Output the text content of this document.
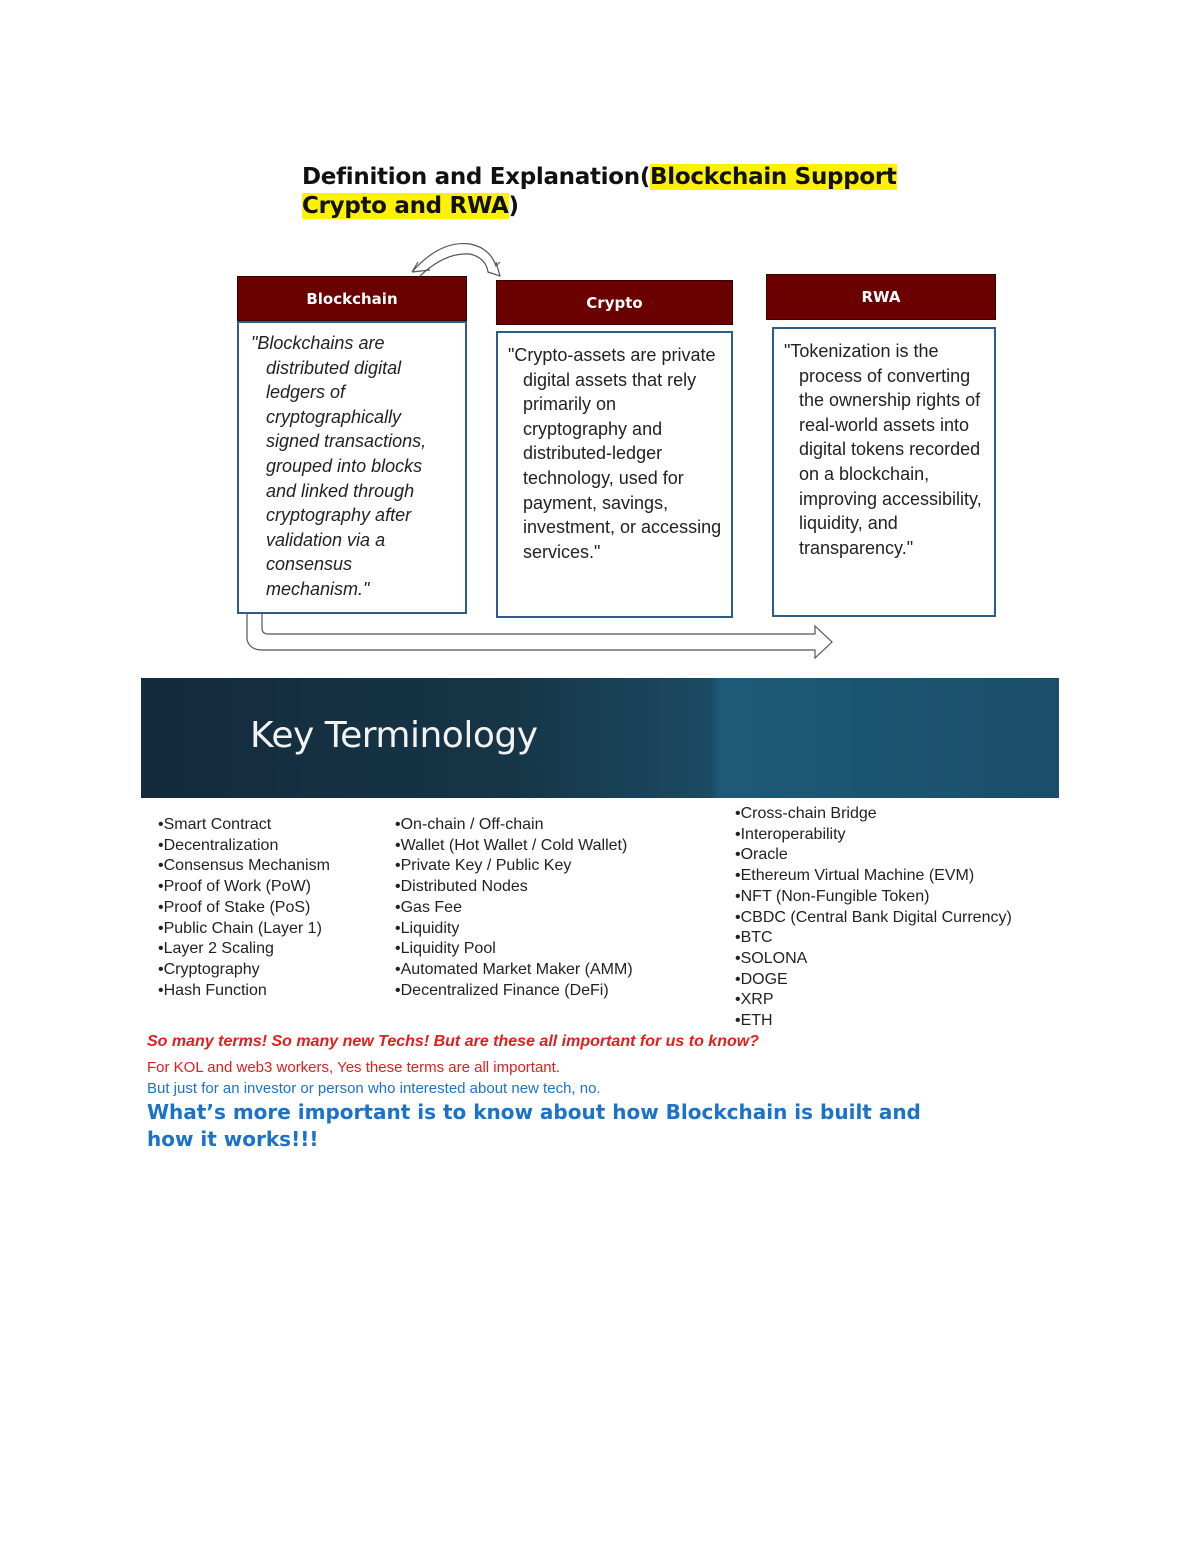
Definition and Explanation(Blockchain Support
Crypto and RWA)
Blockchain

"Blockchains are distributed digital ledgers of cryptographically signed transactions, grouped into blocks and linked through cryptography after validation via a consensus mechanism."

Crypto

"Crypto-assets are private digital assets that rely primarily on cryptography and distributed-ledger technology, used for payment, savings, investment, or accessing services."

RWA

"Tokenization is the process of converting the ownership rights of real-world assets into digital tokens recorded on a blockchain, improving accessibility, liquidity, and transparency."

Key Terminology
• Smart Contract
• Decentralization
• Consensus Mechanism
• Proof of Work (PoW)
• Proof of Stake (PoS)
• Public Chain (Layer 1)
• Layer 2 Scaling
• Cryptography
• Hash Function
• On-chain / Off-chain
• Wallet (Hot Wallet / Cold Wallet)
• Private Key / Public Key
• Distributed Nodes
• Gas Fee
• Liquidity
• Liquidity Pool
• Automated Market Maker (AMM)
• Decentralized Finance (DeFi)
• Cross-chain Bridge
• Interoperability
• Oracle
• Ethereum Virtual Machine (EVM)
• NFT (Non-Fungible Token)
• CBDC (Central Bank Digital Currency)
• BTC
• SOLONA
• DOGE
• XRP
• ETH
So many terms! So many new Techs! But are these all important for us to know?
For KOL and web3 workers, Yes these terms are all important.
But just for an investor or person who interested about new tech, no.
What’s more important is to know about how Blockchain is built and how it works!!!
